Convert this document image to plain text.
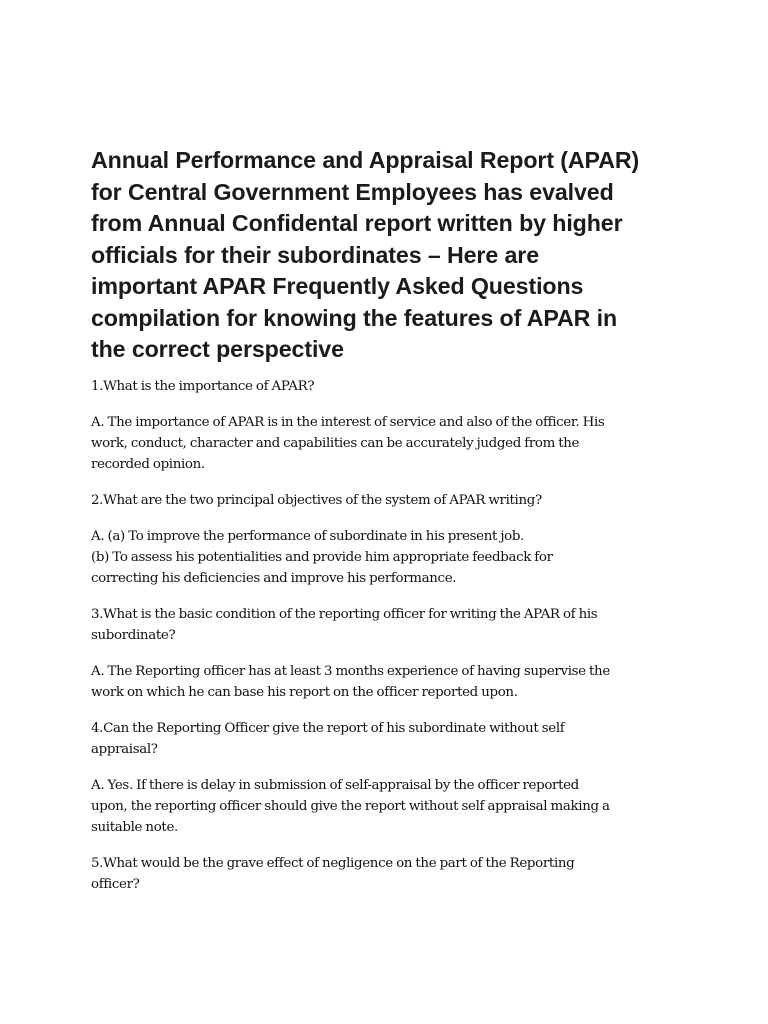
Annual Performance and Appraisal Report (APAR)
for Central Government Employees has evalved
from Annual Confidental report written by higher
officials for their subordinates – Here are
important APAR Frequently Asked Questions
compilation for knowing the features of APAR in
the correct perspective

1.What is the importance of APAR?

A. The importance of APAR is in the interest of service and also of the officer. His
work, conduct, character and capabilities can be accurately judged from the
recorded opinion.

2.What are the two principal objectives of the system of APAR writing?

A. (a) To improve the performance of subordinate in his present job.
(b) To assess his potentialities and provide him appropriate feedback for
correcting his deficiencies and improve his performance.

3.What is the basic condition of the reporting officer for writing the APAR of his
subordinate?

A. The Reporting officer has at least 3 months experience of having supervise the
work on which he can base his report on the officer reported upon.

4.Can the Reporting Officer give the report of his subordinate without self
appraisal?

A. Yes. If there is delay in submission of self-appraisal by the officer reported
upon, the reporting officer should give the report without self appraisal making a
suitable note.

5.What would be the grave effect of negligence on the part of the Reporting
officer?
